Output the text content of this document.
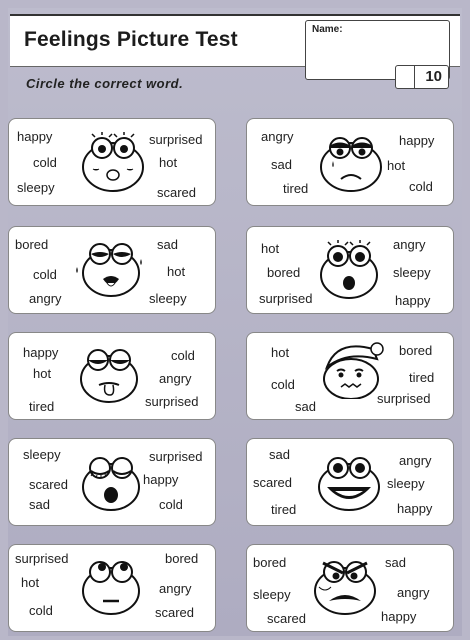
Feelings Picture Test	Name:
10
Circle the correct word.
happy
cold
sleepy
surprised
hot
scared
angry
sad
tired
happy
hot
cold
bored
cold
angry
sad
hot
sleepy
hot
bored
surprised
angry
sleepy
happy
happy
hot
tired
cold
angry
surprised
hot
cold
sad
bored
tired
surprised
sleepy
scared
sad
surprised
happy
cold
sad
scared
tired
angry
sleepy
happy
surprised
hot
cold
bored
angry
scared
bored
sleepy
scared
sad
angry
happy
